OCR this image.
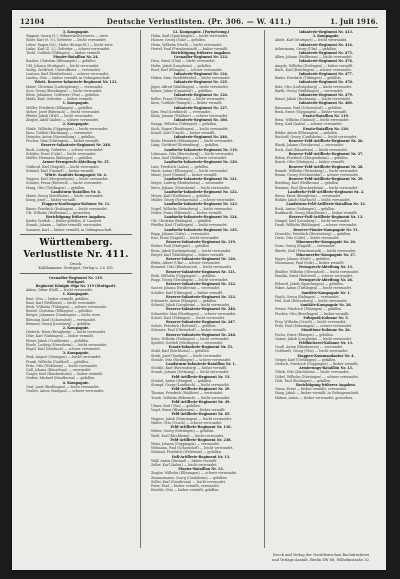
12104	Deutsche Verlustlisten. (Pr. 306. — W. 411.)	1. Juli 1916.
3. Kompagnie.
Wagner, Georg (3.), Offizierstellvertreter — verw.
Eiber, Karl (9. 9.), Gefreiter — leicht verwundet.
Leber, Eugen (St.), Maler (Kriegs-St.) — leicht verw.
Linke, Karl (Z. 2.), Gefreiter — schwer verwundet.
Tezlit, Gottlieb (Tübingen) — bisher vermißt.
Pionier-Bataillon Nr. 24.
Rauber, Christian (Ellwangen) — gefallen.
Uhl, Johann (Stuttgart) — leicht verwundet.
Sudig, Gottfried, Unteroffizier — verwundet.
Leutner, Karl (Heidenheim) — schwer verwundet.
Lindau, Otto — bisher vermißt, in Gefangenschaft.
Württ. Reserve-Infanterie-Regiment Nr. 121.
Maier, Christian (Ludwigsburg) — verwundet.
Sost, Georg (Reutlingen) — leicht verwundet.
Klein, Johannes, Gefreiter (Ulm) — gefallen.
Maile, Karl, Gefreiter — bisher vermißt.
1. Kompagnie.
Müller, Friedrich (Eßlingen) — gefallen.
Sieber, Josef (Biberach) — leicht verwundet.
Pfeifer, Jakob (Hall) — leicht verwundet.
Ziegler, Adolf (Aalen) — schwer verwundet.
2. Kompagnie.
Hänle, Wilhelm (Göppingen) — leicht verwundet.
Kurz, Gottlob (Backnang) — verwundet.
Heinzler, Anton (Ravensburg) — gefallen.
Fischer, Max (Nürtingen) — bisher vermißt.
Reserve-Infanterie-Regiment Nr. 248.
Koch, Ludwig, Gefreiter — schwer verwundet.
Schäfer, Ernst (Calw) — leicht verwundet.
Müller, Hermann (Balingen) — gefallen.
Armee-Fernsprech-Abteilung Nr. 15.
Gutbrod, Karl (Nagold) — leicht verwundet.
Schmid, Karl (Gmünd) — bisher vermißt.
Württ. Sanitäts-Kompagnie Nr. 2.
Wagner, Karl (Mergentheim) — leicht verwundet.
Schuler, Franz (Rottweil) — leicht verwundet.
Haug, Otto (Tuttlingen) — gefallen.
Landsturm-Bataillon Nr. 4.
Maier, Georg (Kirchheim) — leicht verwundet.
Krieg, Josef — bisher vermißt.
Etappen-Kraftwagen-Kolonne Nr. 11.
Bauer, Friedrich (Esslingen) — leicht verwundet.
Ott, Wilhelm (Heilbronn) — gestorben.
Berichtigung früherer Angaben.
Kiefer, Gottlob — bisher gefallen, lt. Lazarett.
Straub, Johann — bisher vermißt, verwundet.
Sommer, Karl — bisher vermißt, in Gefangenschaft.
Württemberg. Verlustliste Nr. 411.
Druck:
Kohlhammer, Stuttgart. Verlag u. Co. KG.
Grenadier-Regiment Nr. 119.
Stuttgart.
Regiment Königin Olga Nr. 119 (Stuttgart).
Adam, Oskar (Hall) — leicht verwundet.
1. Kompagnie.
Bast, Otto — bisher vermißt, gefallen.
Baur, Karl (Weilheim) — leicht verwundet.
Beck, Wilhelm (Tübingen) — schwer verwundet.
Bentel, Christian (Eßlingen) — gefallen.
Berger, Johannes (Geislingen) — leicht verw.
Blessing, Karl (Schorndorf) — verwundet.
Brenner, Georg (Leonberg) — gefallen.
2. Kompagnie.
Dietrich, Hans (Besigheim) — leicht verwundet.
Dürr, Karl (Vaihingen) — bisher vermißt.
Ebner, Jakob (Crailsheim) — gefallen.
Eisele, Ludwig (Neresheim) — leicht verwundet.
Engel, Karl (Marbach) — schwer verwundet.
3. Kompagnie.
Fink, August (Öhringen) — leicht verwundet.
Frank, Wilhelm (Gaildorf) — gefallen.
Fritz, Otto (Welzheim) — leicht verwundet.
Gall, Johann (Künzelsau) — verwundet.
Geiger, Karl (Brackenheim) — bisher vermißt.
Gerber, Michael (Maulbronn) — gefallen.
4. Kompagnie.
Graf, Josef (Riedlingen) — leicht verwundet.
Gruber, Anton (Saulgau) — schwer verwundet.
12. Kompagnie. (Fortsetzung.)
Hahn, Karl (Spaichingen) — leicht verwundet.
Hauser, Georg (Sulz) — gefallen.
Heim, Wilhelm (Horb) — leicht verwundet.
Hertel, Paul (Freudenstadt) — bisher vermißt.
Berichtigung früherer Angaben.
Grenadier-Regiment Nr. 123.
Hess, Ernst (Ulm) — leicht verwundet.
Hofer, Jakob (Laupheim) — gefallen.
Ruof, Karl (Ehingen) — schwer verwundet.
Infanterie-Regiment Nr. 124.
Huber, Max, Vizefeldwebel — leicht verwundet.
Infanterie-Regiment Nr. 125.
Jäger, Alfred (Waiblingen) — leicht verwundet.
Kaiser, Julius (Cannstatt) — gefallen.
Infanterie-Regiment Nr. 126.
Keller, Franz (Tettnang) — leicht verwundet.
Kern, Gottlieb (Wangen) — bisher vermißt.
Infanterie-Regiment Nr. 127.
Kirn, Paul (Leutkirch) — verwundet.
Klotz, Johann (Waldsee) — schwer verwundet.
Infanterie-Regiment Nr. 180.
Knapp, Wilhelm (Tübingen) — gefallen.
Koch, Eugen (Reutlingen) — leicht verwundet.
Krauß, Karl (Urach) — bisher vermißt.
Infanterie-Regiment Nr. 246.
Kuhn, Heinrich (Münsingen) — leicht verwundet.
Lang, Gottfried (Rottenburg) — gefallen.
Landwehr-Infanterie-Regiment Nr. 119.
Lehmann, Otto (Herrenberg) — leicht verwundet.
Leins, Karl (Böblingen) — schwer verwundet.
Landwehr-Infanterie-Regiment Nr. 120.
Lutz, Friedrich (Aalen) — gefallen.
Mack, Anton (Ellwangen) — leicht verwundet.
Maier, Josef (Gmünd) — bisher vermißt.
Landwehr-Infanterie-Regiment Nr. 121.
Mayer, Ludwig (Heidenheim) — verwundet.
Merz, Johann (Neresheim) — leicht verwundet.
Landwehr-Infanterie-Regiment Nr. 122.
Moser, Karl (Heilbronn) — gefallen.
Müller, Georg (Neckarsulm) — schwer verwundet.
Landwehr-Infanterie-Regiment Nr. 123.
Nagel, Wilhelm (Weinsberg) — leicht verwundet.
Neher, Franz (Biberach) — bisher vermißt.
Landwehr-Infanterie-Regiment Nr. 124.
Ott, Christian (Balingen) — gefallen.
Pfeiffer, Karl (Tuttlingen) — leicht verwundet.
Landwehr-Infanterie-Regiment Nr. 125.
Rapp, Johann (Calw) — verwundet.
Rau, Ernst (Nagold) — leicht verwundet.
Reserve-Infanterie-Regiment Nr. 119.
Reiber, Paul (Stuttgart) — gefallen.
Renz, Jakob (Ludwigsburg) — leicht verwundet.
Rieger, Karl (Waiblingen) — bisher vermißt.
Reserve-Infanterie-Regiment Nr. 120.
Ritter, Albert (Ulm) — schwer verwundet.
Rommel, Otto (Blaubeuren) — leicht verwundet.
Reserve-Infanterie-Regiment Nr. 121.
Roth, Wilhelm (Göppingen) — gefallen.
Rupp, Georg (Geislingen) — leicht verwundet.
Reserve-Infanterie-Regiment Nr. 122.
Sauter, Johann (Heilbronn) — verwundet.
Schäfer, Karl (Öhringen) — bisher vermißt.
Reserve-Infanterie-Regiment Nr. 123.
Scheuerle, Anton (Ehingen) — gefallen.
Schmid, Jakob (Laupheim) — leicht verwundet.
Reserve-Infanterie-Regiment Nr. 246.
Schneider, Max (Reutlingen) — schwer verwundet.
Schott, Karl (Tübingen) — leicht verwundet.
Reserve-Infanterie-Regiment Nr. 247.
Schuh, Friedrich (Rottweil) — gefallen.
Schwarz, Paul (Oberndorf) — bisher vermißt.
Reserve-Infanterie-Regiment Nr. 248.
Seitz, Wilhelm (Esslingen) — leicht verwundet.
Speidel, Gottlob (Nürtingen) — verwundet.
Ersatz-Infanterie-Regiment Nr. 51.
Stahl, Karl (Kirchheim) — gefallen.
Stark, Josef (Saulgau) — leicht verwundet.
Steinle, Otto (Riedlingen) — schwer verwundet.
Landsturm-Infanterie-Bataillon Nr. 1.
Stöckle, Karl (Ravensburg) — bisher vermißt.
Straub, Johann (Tettnang) — leicht verwundet.
Feld-Artillerie-Regiment Nr. 13.
Strobel, Anton (Wangen) — gefallen.
Stumpf, Georg (Leutkirch) — leicht verwundet.
Feld-Artillerie-Regiment Nr. 29.
Thumm, Friedrich (Waldsee) — verwundet.
Traub, Wilhelm (Biberach) — leicht verwundet.
Feld-Artillerie-Regiment Nr. 49.
Ulmer, Karl (Ulm) — gefallen.
Vogel, Ernst (Blaubeuren) — bisher vermißt.
Feld-Artillerie-Regiment Nr. 65.
Wagner, Jakob (Münsingen) — leicht verwundet.
Walter, Otto (Urach) — schwer verwundet.
Feld-Artillerie-Regiment Nr. 116.
Weber, Georg (Nürtingen) — gefallen.
Weiß, Karl (Kirchheim) — leicht verwundet.
Feld-Artillerie-Regiment Nr. 238.
Wenz, Johann (Göppingen) — verwundet.
Widmann, Paul (Schorndorf) — leicht verwundet.
Wieland, Friedrich (Welzheim) — gefallen.
Fuß-Artillerie-Regiment Nr. 13.
Wolf, Anton (Gmünd) — bisher vermißt.
Zeller, Karl (Aalen) — leicht verwundet.
Pionier-Bataillon Nr. 13.
Ziegler, Wilhelm (Ellwangen) — schwer verwundet.
Zimmermann, Georg (Crailsheim) — gefallen.
Zoller, Karl (Gerabronn) — leicht verwundet.
Peter, Paul — bisher vermißt, verwundet.
Reichle, Otto — bisher vermißt, gefallen.
Infanterie-Regiment Nr. 413.
3. Kompagnie.
Abele, Karl (Stuttgart) — leicht verwundet.
Infanterie-Regiment Nr. 414.
Ackermann, Georg (Ulm) — gefallen.
Infanterie-Regiment Nr. 475.
Alber, Johann (Heilbronn) — leicht verwundet.
Infanterie-Regiment Nr. 476.
Angele, Wilhelm (Esslingen) — bisher vermißt.
Bach, Karl (Reutlingen) — schwer verwundet.
Infanterie-Regiment Nr. 477.
Bader, Friedrich (Tübingen) — gefallen.
Infanterie-Regiment Nr. 478.
Balz, Otto (Ludwigsburg) — leicht verwundet.
Barth, Georg (Waiblingen) — verwundet.
Infanterie-Regiment Nr. 479.
Bauer, Jakob (Backnang) — leicht verwundet.
Infanterie-Regiment Nr. 480.
Baumann, Paul (Schorndorf) — gefallen.
Beck, Ernst (Göppingen) — bisher vermißt.
Ersatz-Bataillon Nr. 119.
Benz, Wilhelm (Gmünd) — leicht verwundet.
Berg, Karl (Aalen) — schwer verwundet.
Ersatz-Bataillon Nr. 120.
Bihler, Anton (Ellwangen) — gefallen.
Bischoff, Georg (Crailsheim) — leicht verwundet.
Reserve-Feld-Artillerie-Regiment Nr. 26.
Blank, Johann (Gerabronn) — verwundet.
Bock, Karl (Künzelsau) — leicht verwundet.
Reserve-Feld-Artillerie-Regiment Nr. 27.
Böhm, Friedrich (Mergentheim) — gefallen.
Bosch, Otto (Öhringen) — bisher vermißt.
Reserve-Feld-Artillerie-Regiment Nr. 28.
Brandt, Wilhelm (Weinsberg) — leicht verwundet.
Braun, Georg (Neckarsulm) — schwer verwundet.
Reserve-Feld-Artillerie-Regiment Nr. 29.
Breitling, Karl (Heilbronn) — gefallen.
Brenner, Paul (Brackenheim) — leicht verwundet.
Landwehr-Feld-Artillerie-Regiment Nr. 2.
Bross, Ernst (Besigheim) — verwundet.
Bühler, Jakob (Marbach) — leicht verwundet.
Landsturm-Feld-Artillerie-Bataillon Nr. 13.
Buck, Anton (Vaihingen) — gefallen.
Burkhardt, Georg (Maulbronn) — bisher vermißt.
Reserve-Fuß-Artillerie-Regiment Nr. 13.
Dangel, Karl (Leonberg) — leicht verwundet.
Daub, Wilhelm (Böblingen) — schwer verwundet.
Reserve-Pionier-Kompagnie Nr. 51.
Deuschle, Friedrich (Herrenberg) — gefallen.
Dietz, Otto (Calw) — leicht verwundet.
Minenwerfer-Kompagnie Nr. 26.
Dorn, Georg (Nagold) — verwundet.
Eberle, Karl (Freudenstadt) — leicht verwundet.
Minenwerfer-Kompagnie Nr. 27.
Egger, Johann (Horb) — gefallen.
Eisenmann, Paul (Sulz) — bisher vermißt.
Fernsprech-Abteilung Nr. 13.
Elsäßer, Wilhelm (Oberndorf) — leicht verwundet.
Ensslin, Ernst (Rottweil) — schwer verwundet.
Fernsprech-Abteilung Nr. 26.
Erhardt, Jakob (Spaichingen) — gefallen.
Faber, Anton (Tuttlingen) — leicht verwundet.
Sanitäts-Kompagnie Nr. 1.
Fauth, Georg (Balingen) — verwundet.
Feil, Karl (Rottenburg) — leicht verwundet.
Sanitäts-Kompagnie Nr. 26.
Fetzer, Friedrich (Tübingen) — gefallen.
Fischer, Otto (Reutlingen) — bisher vermißt.
Fuhrpark-Kolonne Nr. 5.
Frey, Wilhelm (Urach) — leicht verwundet.
Fritz, Paul (Münsingen) — schwer verwundet.
Munitions-Kolonne Nr. 26.
Fuchs, Ernst (Ehingen) — gefallen.
Gaiser, Jakob (Laupheim) — leicht verwundet.
Feldbäckerei-Kolonne Nr. 13.
Gauß, Anton (Blaubeuren) — verwundet.
Gebhardt, Georg (Ulm) — leicht verwundet.
Etappen-Kommandantur Nr. 4.
Geiger, Karl (Geislingen) — gefallen.
Gerlach, Friedrich (Göppingen) — bisher vermißt.
Armierungs-Bataillon Nr. 13.
Glück, Otto (Kirchheim) — leicht verwundet.
Göbel, Wilhelm (Nürtingen) — schwer verwundet.
Gölz, Paul (Esslingen) — gefallen.
Berichtigung früherer Angaben.
Gross, Ernst — bisher vermißt, verwundet.
Haag, Jakob — bisher vermißt, in Gefangenschaft.
Häfner, Anton — bisher verwundet, gestorben.
Druck und Verlag der Norddeutschen Buchdruckerei
und Verlags-Anstalt, Berlin SW 68, Wilhelmstraße 32.
